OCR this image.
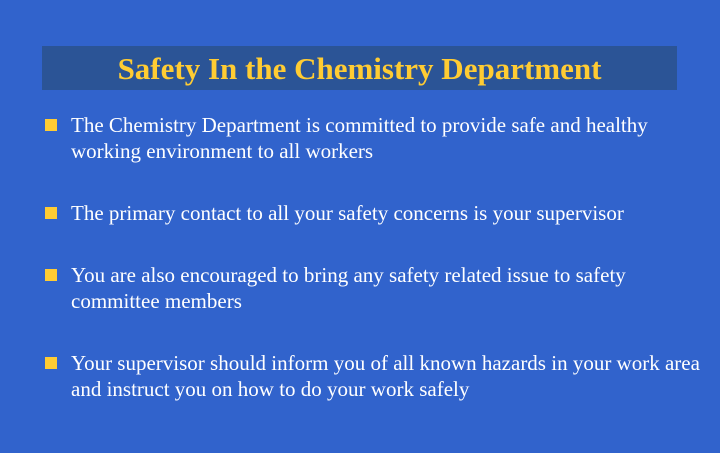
Safety In the Chemistry Department
The Chemistry Department is committed to provide safe and healthy working environment to all workers
The primary contact to all your safety concerns is your supervisor
You are also encouraged to bring any safety related issue to safety committee members
Your supervisor should inform you of all known hazards in your work area and instruct you on how to do your work safely
